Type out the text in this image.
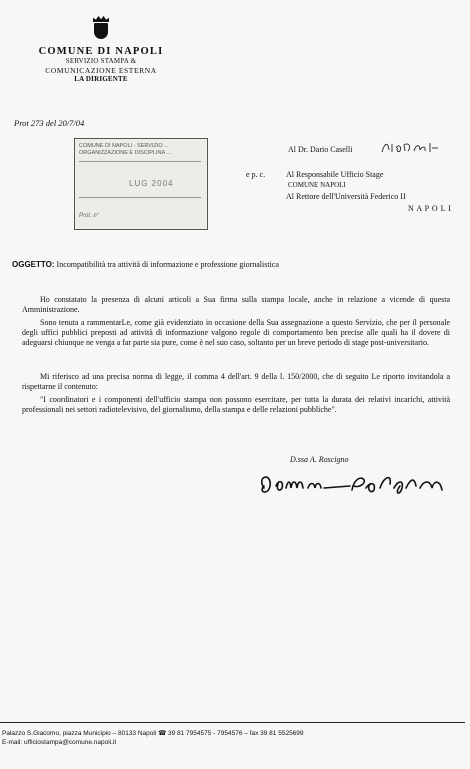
COMUNE DI NAPOLI
SERVIZIO STAMPA &
COMUNICAZIONE ESTERNA
LA DIRIGENTE
Prot 273 del 20/7/04
COMUNE DI NAPOLI - SERVIZIO ...
ORGANIZZAZIONE E DISCIPLINA ...
LUG 2004
Prot. n°
Al Dr. Dario Caselli
e p. c.	Al Responsabile Ufficio Stage
COMUNE NAPOLI
Al Rettore dell'Università Federico II
N A P O L I
OGGETTO: Incompatibilità tra attività di informazione e professione giornalistica
Ho constatato la presenza di alcuni articoli a Sua firma sulla stampa locale, anche in relazione a vicende di questa Amministrazione.
Sono tenuta a rammentarLe, come già evidenziato in occasione della Sua assegnazione a questo Servizio, che per il personale degli uffici pubblici preposti ad attività di informazione valgono regole di comportamento ben precise alle quali ha il dovere di adeguarsi chiunque ne venga a far parte sia pure, come è nel suo caso, soltanto per un breve periodo di stage post-universitario.
Mi riferisco ad una precisa norma di legge, il comma 4 dell'art. 9 della l. 150/2000, che di seguito Le riporto invitandola a rispettarne il contenuto:
"I coordinatori e i componenti dell'ufficio stampa non possono esercitare, per tutta la durata dei relativi incarichi, attività professionali nei settori radiotelevisivo, del giornalismo, della stampa e delle relazioni pubbliche".
D.ssa A. Roscigno
Palazzo S.Giacomo, piazza Municipio – 80133 Napoli ☎ 39 81 7954575 - 7954576 – fax 39 81 5525699
E-mail: ufficiostampa@comune.napoli.it
